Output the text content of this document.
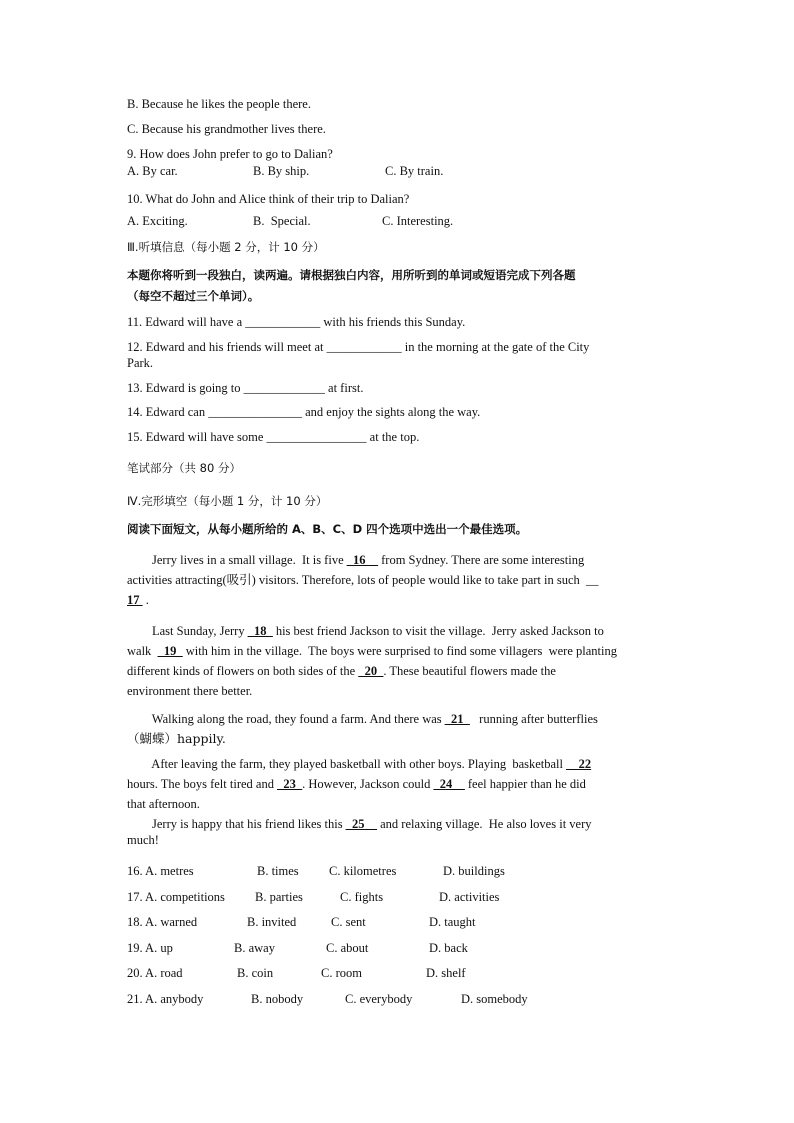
B. Because he likes the people there.
C. Because his grandmother lives there.
9. How does John prefer to go to Dalian?
A. By car.	B. By ship.	C. By train.
10. What do John and Alice think of their trip to Dalian?
A. Exciting.	B.  Special.	C. Interesting.
Ⅲ.听填信息（每小题 2 分，计 10 分）
本题你将听到一段独白，读两遍。请根据独白内容，用所听到的单词或短语完成下列各题
（每空不超过三个单词）。
11. Edward will have a ____________ with his friends this Sunday.
12. Edward and his friends will meet at ____________ in the morning at the gate of the City
Park.
13. Edward is going to _____________ at first.
14. Edward can _______________ and enjoy the sights along the way.
15. Edward will have some ________________ at the top.
笔试部分（共 80 分）
Ⅳ.完形填空（每小题 1 分，计 10 分）
阅读下面短文，从每小题所给的 A、B、C、D 四个选项中选出一个最佳选项。
Jerry lives in a small village.  It is five _16__ from Sydney. There are some interesting
activities attracting(吸引) visitors. Therefore, lots of people would like to take part in such  __
17  .
Last Sunday, Jerry _18_ his best friend Jackson to visit the village.  Jerry asked Jackson to
walk  _19_ with him in the village.  The boys were surprised to find some villagers  were planting
different kinds of flowers on both sides of the _20_. These beautiful flowers made the
environment there better.
Walking along the road, they found a farm. And there was _21_   running after butterflies
（蝴蝶）happily.
After leaving the farm, they played basketball with other boys. Playing  basketball __22
hours. The boys felt tired and _23_. However, Jackson could _24__ feel happier than he did
that afternoon.
Jerry is happy that his friend likes this _25__ and relaxing village.  He also loves it very
much!
16. A. metres	B. times C. kilometres	D. buildings
17. A. competitions B. parties	C. fights	D. activities
18. A. warned	B. invited	C. sent	D. taught
19. A. up	B. away	C. about	D. back
20. A. road	B. coin	C. room	D. shelf
21. A. anybody	B. nobody	C. everybody	D. somebody
